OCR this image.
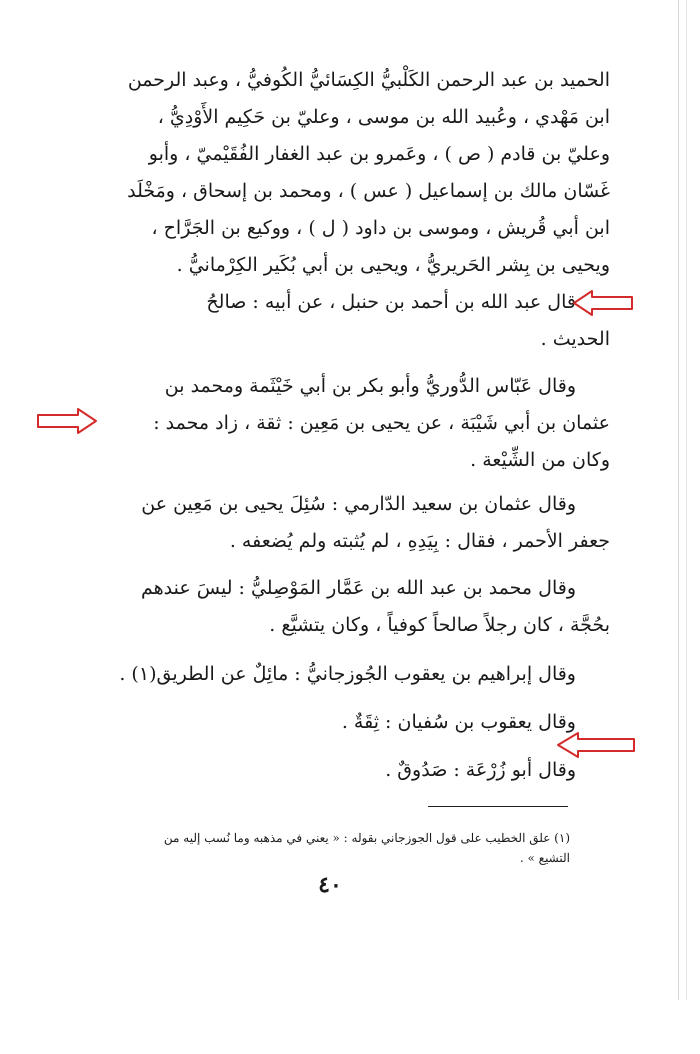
الحميد بن عبد الرحمن الكَلْبيُّ الكِسَائيُّ الكُوفيُّ ، وعبد الرحمن
ابن مَهْدي ، وعُبيد الله بن موسى ، وعليّ بن حَكِيم الأَوْدِيُّ ،
وعليّ بن قادم ( ص ) ، وعَمرو بن عبد الغفار الفُقَيْميّ ، وأبو
غَسّان مالك بن إسماعيل ( عس ) ، ومحمد بن إسحاق ، ومَخْلَد
ابن أبي قُريش ، وموسى بن داود ( ل ) ، ووكيع بن الجَرَّاح ،
ويحيى بن بِشر الحَريريُّ ، ويحيى بن أبي بُكَير الكِرْمانيُّ .
قال عبد الله بن أحمد بن حنبل ، عن أبيه : صالحُ
الحديث .
وقال عَبّاس الدُّوريُّ وأبو بكر بن أبي خَيْثَمة ومحمد بن
عثمان بن أبي شَيْبَة ، عن يحيى بن مَعِين : ثقة ، زاد محمد :
وكان من الشِّيْعة .
وقال عثمان بن سعيد الدّارمي : سُئِلَ يحيى بن مَعِين عن
جعفر الأحمر ، فقال : بِيَدِهِ ، لم يُثبته ولم يُضعفه .
وقال محمد بن عبد الله بن عَمَّار المَوْصِليُّ : ليسَ عندهم
بحُجَّة ، كان رجلاً صالحاً كوفياً ، وكان يتشيَّع .
وقال إبراهيم بن يعقوب الجُوزجانيُّ : مائِلٌ عن الطريق(١) .
وقال يعقوب بن سُفيان : ثِقَةٌ .
وقال أبو زُرْعَة : صَدُوقٌ .

(١) علق الخطيب على قول الجوزجاني بقوله : « يعني في مذهبه وما نُسب إليه من التشيع » .

٤٠
